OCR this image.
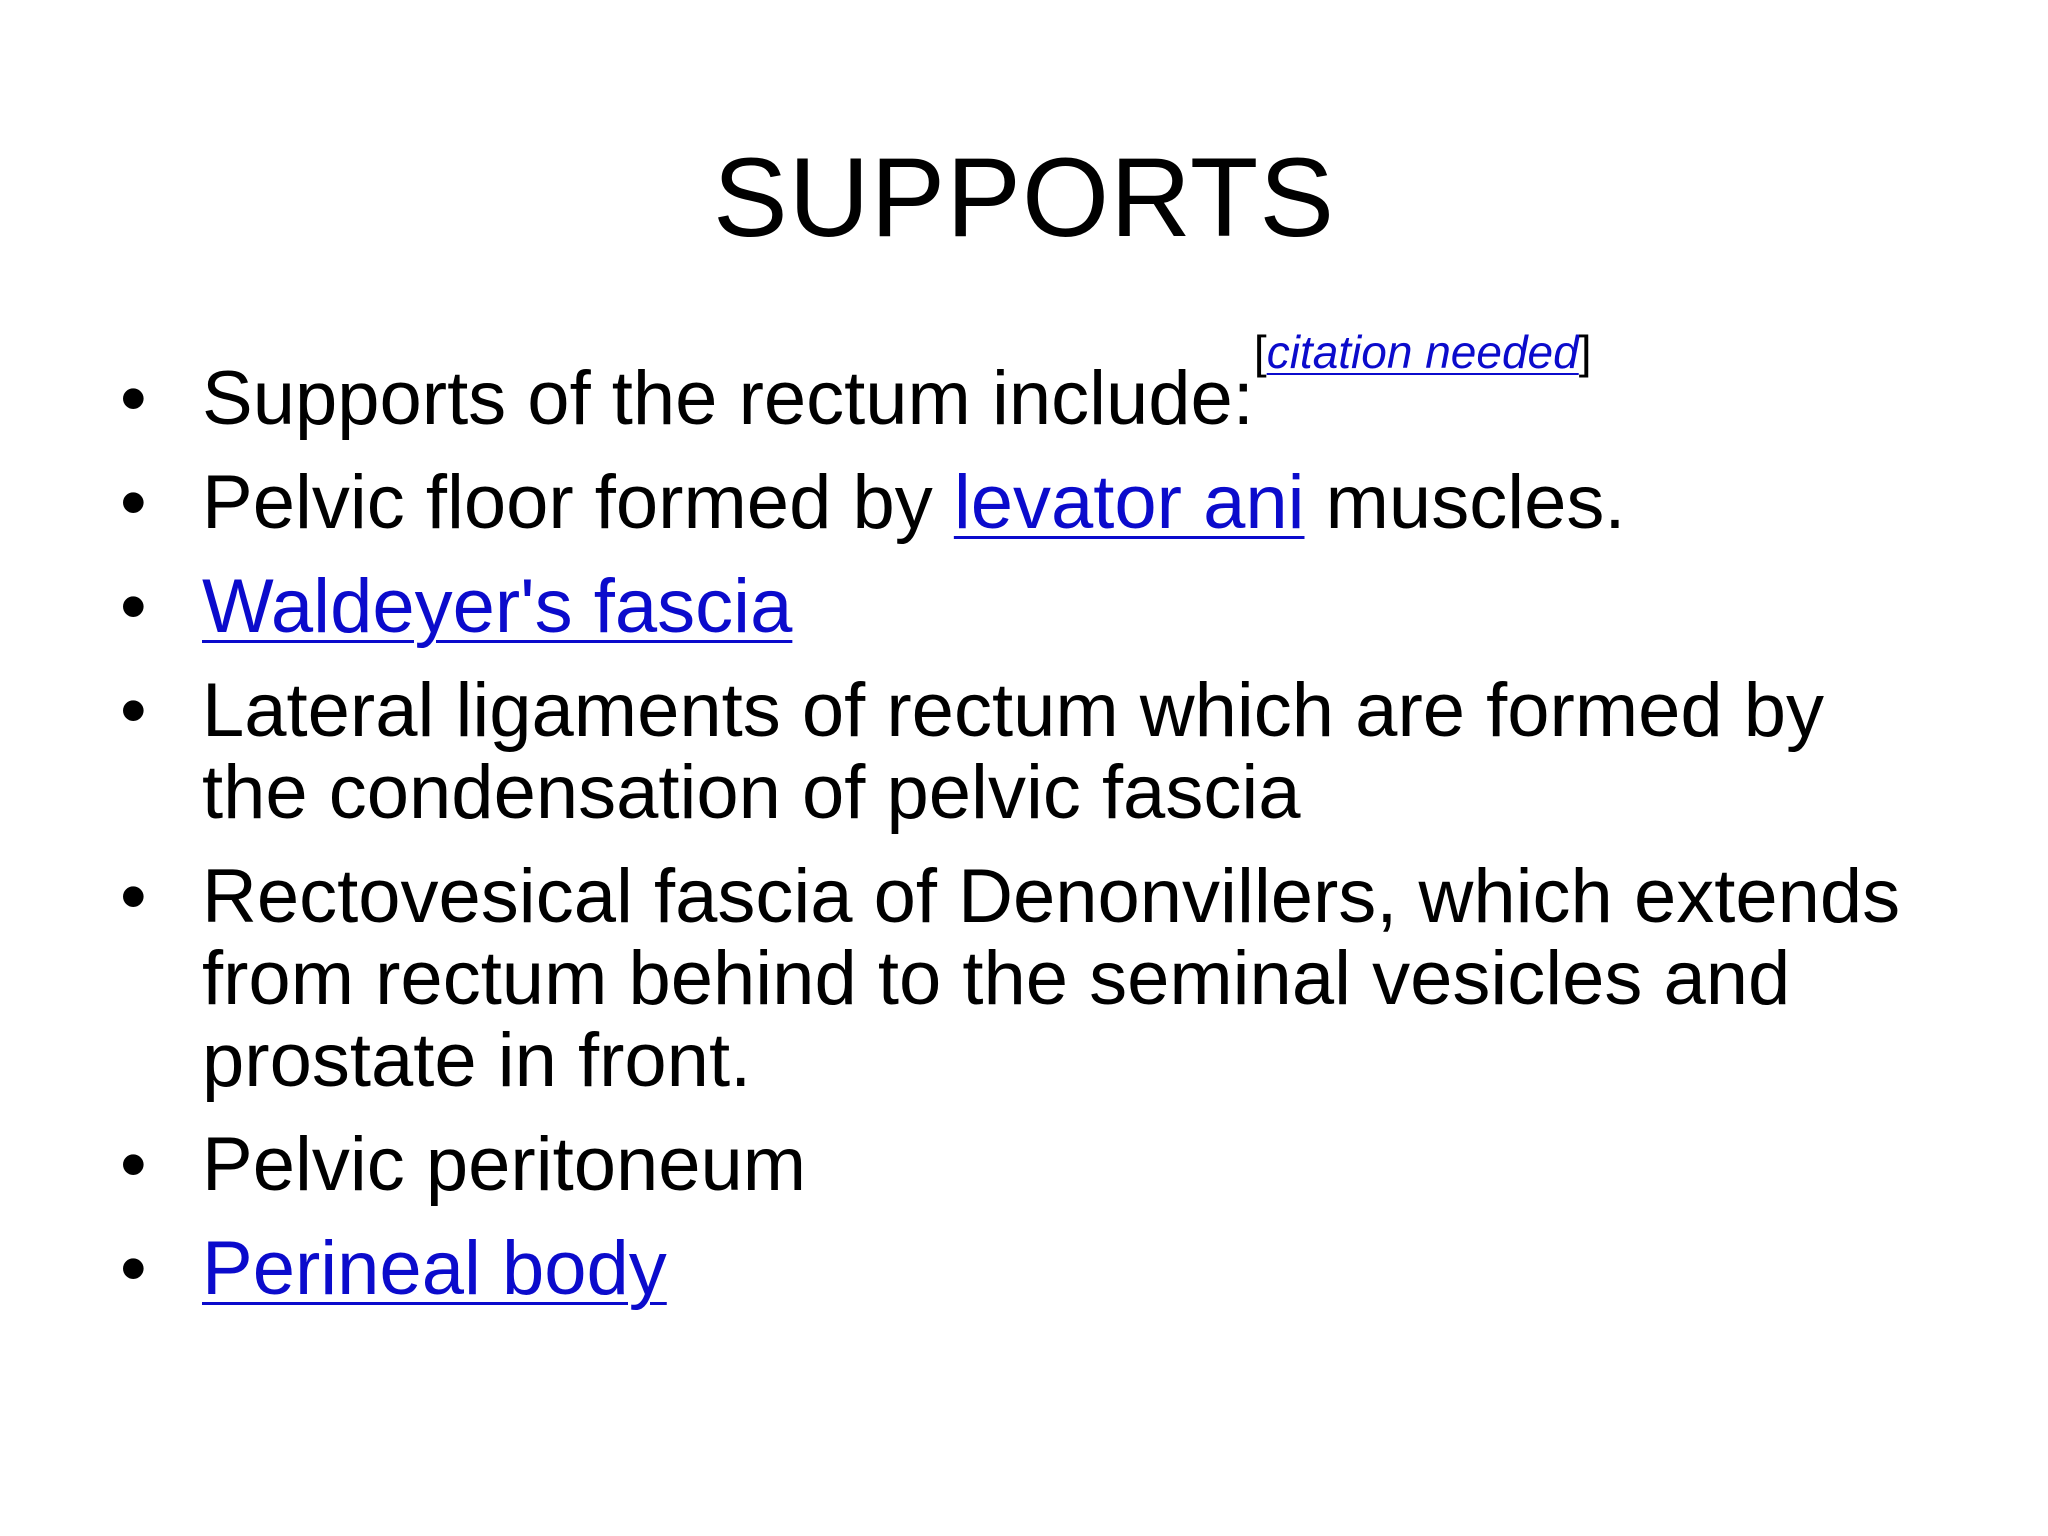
SUPPORTS
• Supports of the rectum include:[citation needed]
• Pelvic floor formed by levator ani muscles.
• Waldeyer's fascia
• Lateral ligaments of rectum which are formed by
the condensation of pelvic fascia
• Rectovesical fascia of Denonvillers, which extends
from rectum behind to the seminal vesicles and
prostate in front.
• Pelvic peritoneum
• Perineal body
